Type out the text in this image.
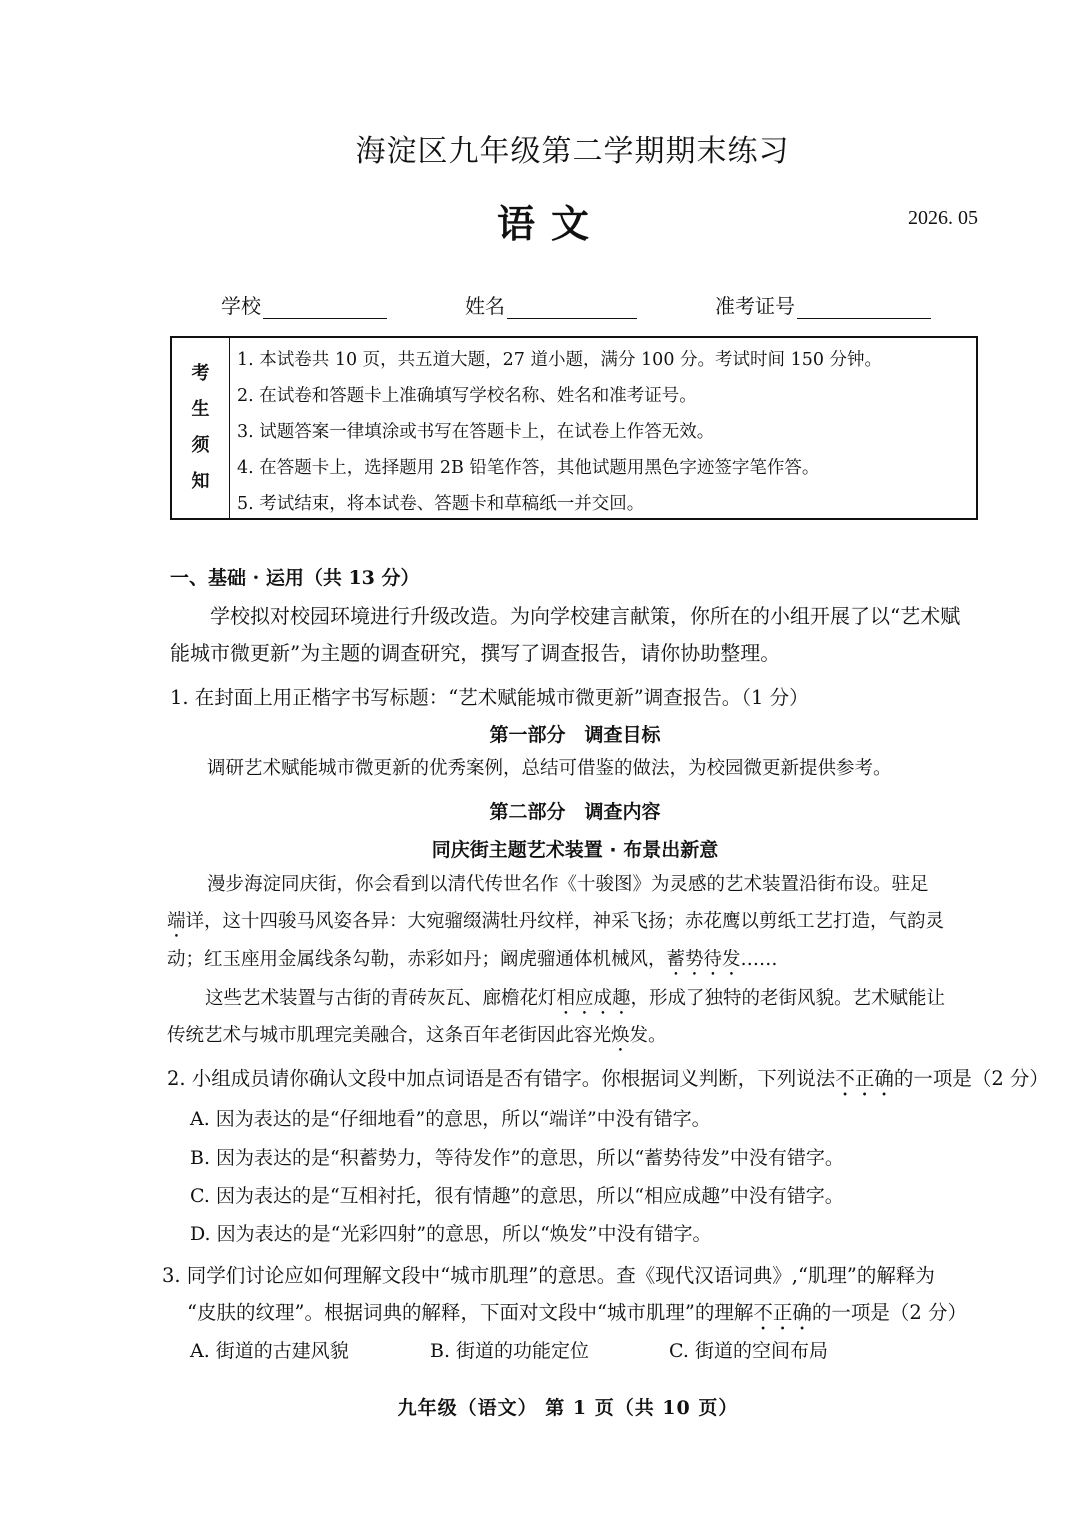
海淀区九年级第二学期期末练习
语文	2026. 05
学校	姓名	准考证号
考
生
须
知
1. 本试卷共 10 页，共五道大题，27 道小题，满分 100 分。考试时间 150 分钟。
2. 在试卷和答题卡上准确填写学校名称、姓名和准考证号。
3. 试题答案一律填涂或书写在答题卡上，在试卷上作答无效。
4. 在答题卡上，选择题用 2B 铅笔作答，其他试题用黑色字迹签字笔作答。
5. 考试结束，将本试卷、答题卡和草稿纸一并交回。
一、基础 · 运用（共 13 分）
学校拟对校园环境进行升级改造。为向学校建言献策，你所在的小组开展了以“艺术赋能城市微更新”为主题的调查研究，撰写了调查报告，请你协助整理。
1. 在封面上用正楷字书写标题：“艺术赋能城市微更新”调查报告。（1 分）
第一部分　调查目标
调研艺术赋能城市微更新的优秀案例，总结可借鉴的做法，为校园微更新提供参考。
第二部分　调查内容
同庆街主题艺术装置 · 布景出新意
漫步海淀同庆街，你会看到以清代传世名作《十骏图》为灵感的艺术装置沿街布设。驻足
端详，这十四骏马风姿各异：大宛骝缀满牡丹纹样，神采飞扬；赤花鹰以剪纸工艺打造，气韵灵
动；红玉座用金属线条勾勒，赤彩如丹；阚虎骝通体机械风，蓄势待发……
这些艺术装置与古街的青砖灰瓦、廊檐花灯相应成趣，形成了独特的老街风貌。艺术赋能让
传统艺术与城市肌理完美融合，这条百年老街因此容光焕发。
2. 小组成员请你确认文段中加点词语是否有错字。你根据词义判断，下列说法不正确的一项是（2 分）
A. 因为表达的是“仔细地看”的意思，所以“端详”中没有错字。
B. 因为表达的是“积蓄势力，等待发作”的意思，所以“蓄势待发”中没有错字。
C. 因为表达的是“互相衬托，很有情趣”的意思，所以“相应成趣”中没有错字。
D. 因为表达的是“光彩四射”的意思，所以“焕发”中没有错字。
3. 同学们讨论应如何理解文段中“城市肌理”的意思。查《现代汉语词典》,“肌理”的解释为
“皮肤的纹理”。根据词典的解释，下面对文段中“城市肌理”的理解不正确的一项是（2 分）
A. 街道的古建风貌	B. 街道的功能定位	C. 街道的空间布局
九年级（语文） 第 1 页（共 10 页）
